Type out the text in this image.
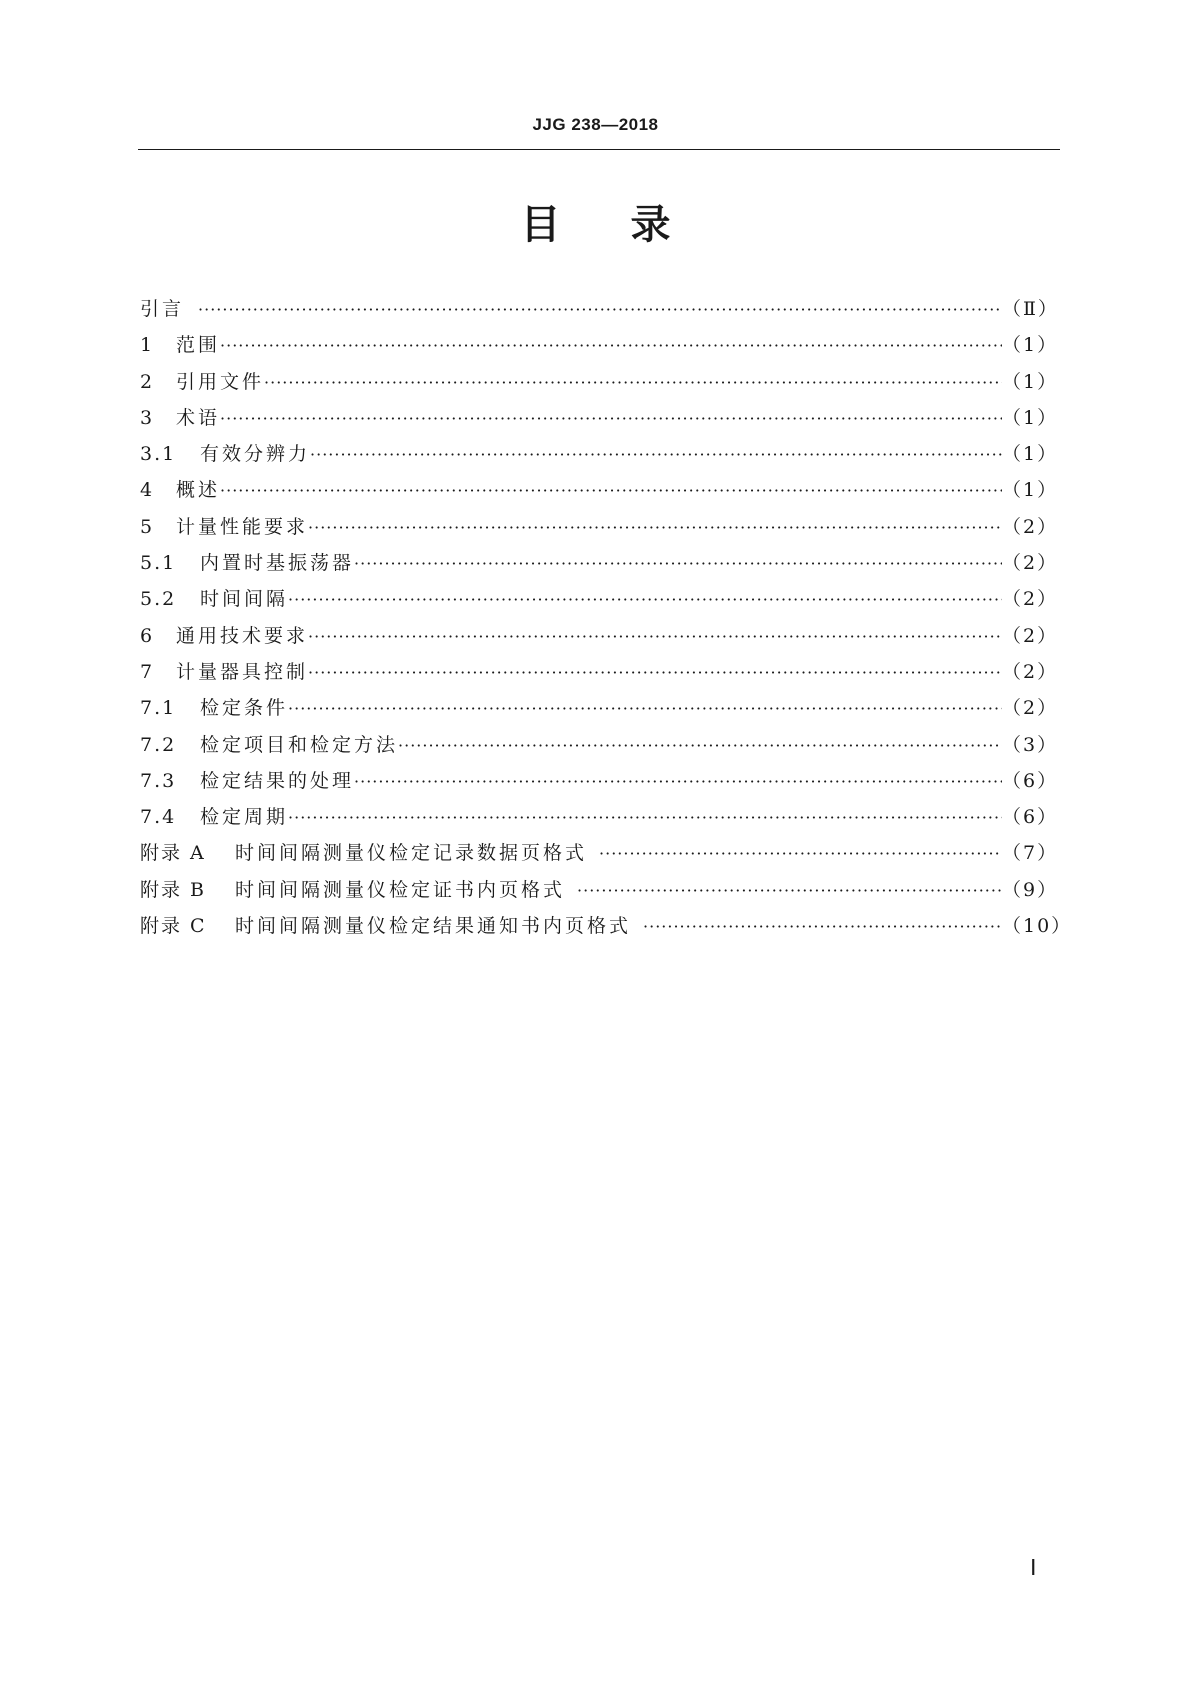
JJG 238—2018
目 录
引言 ·····	（Ⅱ）
1	范围 ·····	（1）
2	引用文件 ·····	（1）
3	术语 ·····	（1）
3.1	有效分辨力 ·····	（1）
4	概述 ·····	（1）
5	计量性能要求 ·····	（2）
5.1	内置时基振荡器 ·····	（2）
5.2	时间间隔 ·····	（2）
6	通用技术要求 ·····	（2）
7	计量器具控制 ·····	（2）
7.1	检定条件 ·····	（2）
7.2	检定项目和检定方法 ·····	（3）
7.3	检定结果的处理 ·····	（6）
7.4	检定周期 ·····	（6）
附录 A	时间间隔测量仪检定记录数据页格式 ·····	（7）
附录 B	时间间隔测量仪检定证书内页格式 ·····	（9）
附录 C	时间间隔测量仪检定结果通知书内页格式 ·····	（10）
Ⅰ
